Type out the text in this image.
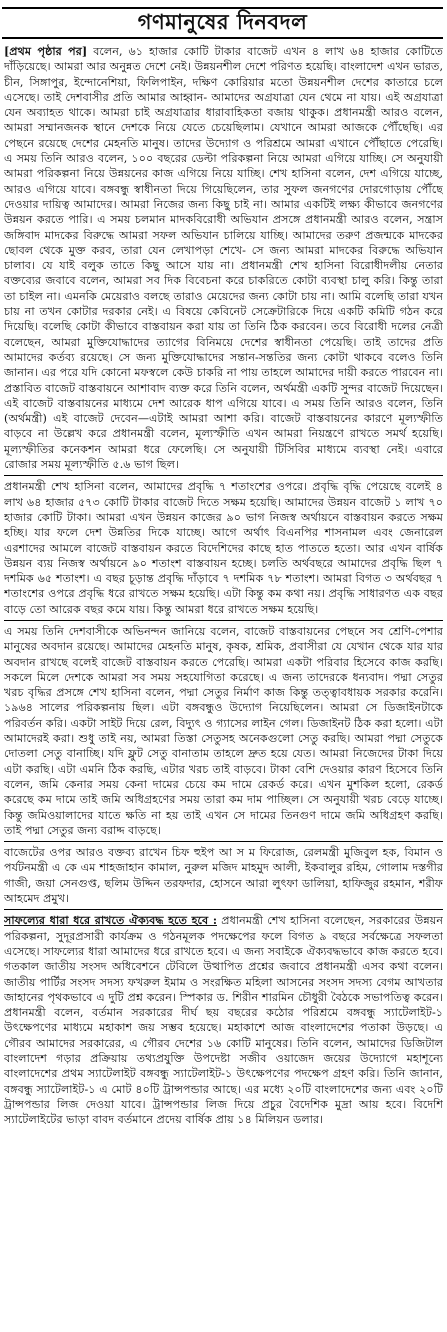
গণমানুষের দিনবদল

[প্রথম পৃষ্ঠার পর] বলেন, ৬১ হাজার কোটি টাকার বাজেট এখন ৪ লাখ ৬৪ হাজার কোটিতে দাঁড়িয়েছে। আমরা আর অনুন্নত দেশে নেই। উন্নয়নশীল দেশে পরিণত হয়েছি। বাংলাদেশ এখন ভারত, চীন, সিঙ্গাপুর, ইন্দোনেশিয়া, ফিলিপাইন, দক্ষিণ কোরিয়ার মতো উন্নয়নশীল দেশের কাতারে চলে এসেছে। তাই দেশবাসীর প্রতি আমার আহ্বান- আমাদের অগ্রযাত্রা যেন থেমে না যায়। এই অগ্রযাত্রা যেন অব্যাহত থাকে। আমরা চাই অগ্রযাত্রার ধারাবাহিকতা বজায় থাকুক। প্রধানমন্ত্রী আরও বলেন, আমরা সম্মানজনক স্থানে দেশকে নিয়ে যেতে চেয়েছিলাম। যেখানে আমরা আজকে পৌঁছেছি। এর পেছনে রয়েছে দেশের মেহনতি মানুষ। তাদের উদ্যোগ ও পরিশ্রমে আমরা এখানে পৌঁছাতে পেরেছি। এ সময় তিনি আরও বলেন, ১০০ বছরের ডেল্টা পরিকল্পনা নিয়ে আমরা এগিয়ে যাচ্ছি। সে অনুযায়ী আমরা পরিকল্পনা নিয়ে উন্নয়নের কাজ এগিয়ে নিয়ে যাচ্ছি। শেখ হাসিনা বলেন, দেশ এগিয়ে যাচ্ছে, আরও এগিয়ে যাবে। বঙ্গবন্ধু স্বাধীনতা দিয়ে গিয়েছিলেন, তার সুফল জনগণের দোরগোড়ায় পৌঁছে দেওয়ার দায়িত্ব আমাদের। আমরা নিজের জন্য কিছু চাই না। আমার একটিই লক্ষ্য কীভাবে জনগণের উন্নয়ন করতে পারি। এ সময় চলমান মাদকবিরোধী অভিযান প্রসঙ্গে প্রধানমন্ত্রী আরও বলেন, সন্ত্রাস জঙ্গিবাদ মাদকের বিরুদ্ধে আমরা সফল অভিযান চালিয়ে যাচ্ছি। আমাদের তরুণ প্রজন্মকে মাদকের ছোবল থেকে মুক্ত করব, তারা যেন লেখাপড়া শেখে- সে জন্য আমরা মাদকের বিরুদ্ধে অভিযান চালাব। যে যাই বলুক তাতে কিছু আসে যায় না। প্রধানমন্ত্রী শেখ হাসিনা বিরোধীদলীয় নেতার বক্তব্যের জবাবে বলেন, আমরা সব দিক বিবেচনা করে চাকরিতে কোটা ব্যবস্থা চালু করি। কিন্তু তারা তা চাইল না। এমনকি মেয়েরাও বলছে তারাও মেয়েদের জন্য কোটা চায় না। আমি বলেছি তারা যখন চায় না তখন কোটার দরকার নেই। এ বিষয়ে কেবিনেট সেক্রেটারিকে দিয়ে একটি কমিটি গঠন করে দিয়েছি। বলেছি কোটা কীভাবে বাস্তবায়ন করা যায় তা তিনি ঠিক করবেন। তবে বিরোধী দলের নেত্রী বলেছেন, আমরা মুক্তিযোদ্ধাদের ত্যাগের বিনিময়ে দেশের স্বাধীনতা পেয়েছি। তাই তাদের প্রতি আমাদের কর্তব্য রয়েছে। সে জন্য মুক্তিযোদ্ধাদের সন্তান-সন্ততির জন্য কোটা থাকবে বলেও তিনি জানান। এর পরে যদি কোনো মফস্বলে কেউ চাকরি না পায় তাহলে আমাদের দায়ী করতে পারবেন না। প্রস্তাবিত বাজেট বাস্তবায়নে আশাবাদ ব্যক্ত করে তিনি বলেন, অর্থমন্ত্রী একটি সুন্দর বাজেট দিয়েছেন। এই বাজেট বাস্তবায়নের মাধ্যমে দেশ আরেক ধাপ এগিয়ে যাবে। এ সময় তিনি আরও বলেন, তিনি (অর্থমন্ত্রী) এই বাজেট দেবেন—এটাই আমরা আশা করি। বাজেট বাস্তবায়নের কারণে মূল্যস্ফীতি বাড়বে না উল্লেখ করে প্রধানমন্ত্রী বলেন, মূল্যস্ফীতি এখন আমরা নিয়ন্ত্রণে রাখতে সমর্থ হয়েছি। মূল্যস্ফীতির কনেকশন আমরা ধরে ফেলেছি। সে অনুযায়ী টিসিবির মাধ্যমে ব্যবস্থা নেই। এবারে রোজার সময় মূল্যস্ফীতি ৫.৬ ভাগ ছিল।

প্রধানমন্ত্রী শেখ হাসিনা বলেন, আমাদের প্রবৃদ্ধি ৭ শতাংশের ওপরে। প্রবৃদ্ধি বৃদ্ধি পেয়েছে বলেই ৪ লাখ ৬৪ হাজার ৫৭৩ কোটি টাকার বাজেট দিতে সক্ষম হয়েছি। আমাদের উন্নয়ন বাজেট ১ লাখ ৭০ হাজার কোটি টাকা। আমরা এখন উন্নয়ন কাজের ৯০ ভাগ নিজস্ব অর্থায়নে বাস্তবায়ন করতে সক্ষম হচ্ছি। যার ফলে দেশ উন্নতির দিকে যাচ্ছে। আগে অর্থাৎ বিএনপির শাসনামল এবং জেনারেল এরশাদের আমলে বাজেট বাস্তবায়ন করতে বিদেশিদের কাছে হাত পাততে হতো। আর এখন বার্ষিক উন্নয়ন ব্যয় নিজস্ব অর্থায়নে ৯০ শতাংশ বাস্তবায়ন হচ্ছে। চলতি অর্থবছরে আমাদের প্রবৃদ্ধি ছিল ৭ দশমিক ৬৫ শতাংশ। এ বছর চূড়ান্ত প্রবৃদ্ধি দাঁড়াবে ৭ দশমিক ৭৮ শতাংশ। আমরা বিগত ৩ অর্থবছর ৭ শতাংশের ওপরে প্রবৃদ্ধি ধরে রাখতে সক্ষম হয়েছি। এটা কিন্তু কম কথা নয়। প্রবৃদ্ধি সাধারণত এক বছর বাড়ে তো আরেক বছর কমে যায়। কিন্তু আমরা ধরে রাখতে সক্ষম হয়েছি।

এ সময় তিনি দেশবাসীকে অভিনন্দন জানিয়ে বলেন, বাজেট বাস্তবায়নের পেছনে সব শ্রেণি-পেশার মানুষের অবদান রয়েছে। আমাদের মেহনতি মানুষ, কৃষক, শ্রমিক, প্রবাসীরা যে যেখান থেকে যার যার অবদান রাখছে বলেই বাজেট বাস্তবায়ন করতে পেরেছি। আমরা একটা পরিবার হিসেবে কাজ করছি। সকলে মিলে দেশকে আমরা সব সময় সহযোগিতা করেছে। এ জন্য তাদেরকে ধন্যবাদ। পদ্মা সেতুর খরচ বৃদ্ধির প্রসঙ্গে শেখ হাসিনা বলেন, পদ্মা সেতুর নির্মাণ কাজ কিন্তু তত্ত্বাবধায়ক সরকার করেনি। ১৯৬৪ সালের পরিকল্পনায় ছিল। এটা বঙ্গবন্ধুও উদ্যোগ নিয়েছিলেন। আমরা সে ডিজাইনটাকে পরিবর্তন করি। একটা সাইট দিয়ে রেল, বিদ্যুৎ ও গ্যাসের লাইন গেল। ডিজাইনট ঠিক করা হলো। এটা আমাদেরই করা। শুধু তাই নয়, আমরা তিস্তা সেতুসহ অনেকগুলো সেতু করছি। আমরা পদ্মা সেতুকে দোতলা সেতু বানাচ্ছি। যদি ফ্লুট সেতু বানাতাম তাহলে দ্রুত হয়ে যেত। আমরা নিজেদের টাকা দিয়ে এটা করছি। এটা এমনি ঠিক করছি, এটার খরচ তাই বাড়বে। টাকা বেশি দেওয়ার কারণ হিসেবে তিনি বলেন, জমি কেনার সময় কেনা দামের চেয়ে কম দামে রেকর্ড করে। এখন মুশকিল হলো, রেকর্ড করেছে কম দামে তাই জমি অধিগ্রহণের সময় তারা কম দাম পাচ্ছিল। সে অনুযায়ী খরচ বেড়ে যাচ্ছে। কিন্তু জমিওয়ালাদের যাতে ক্ষতি না হয় তাই এখন সে দামের তিনগুণ দামে জমি অধিগ্রহণ করছি। তাই পদ্মা সেতুর জন্য বরাদ্দ বাড়ছে।

বাজেটের ওপর আরও বক্তব্য রাখেন চিফ হুইপ আ স ম ফিরোজ, রেলমন্ত্রী মুজিবুল হক, বিমান ও পর্যটনমন্ত্রী এ কে এম শাহজাহান কামাল, নুরুল মজিদ মাহমুদ আলী, ইকবালুর রহিম, গোলাম দস্তগীর গাজী, জয়া সেনগুপ্ত, ছলিম উদ্দিন তরফদার, হোসনে আরা লুৎফা ডালিয়া, হাফিজুর রহমান, শরীফ আহমেদ প্রমুখ।

সাফল্যের ধারা ধরে রাখতে ঐক্যবদ্ধ হতে হবে : প্রধানমন্ত্রী শেখ হাসিনা বলেছেন, সরকারের উন্নয়ন পরিকল্পনা, সুদূরপ্রসারী কার্যক্রম ও গঠনমূলক পদক্ষেপের ফলে বিগত ৯ বছরে সর্বক্ষেত্রে সফলতা এসেছে। সাফল্যের ধারা আমাদের ধরে রাখতে হবে। এ জন্য সবাইকে ঐক্যবদ্ধভাবে কাজ করতে হবে। গতকাল জাতীয় সংসদ অধিবেশনে টেবিলে উত্থাপিত প্রশ্নের জবাবে প্রধানমন্ত্রী এসব কথা বলেন। জাতীয় পার্টির সংসদ সদস্য ফখরুল ইমাম ও সংরক্ষিত মহিলা আসনের সংসদ সদস্য বেগম আখতার জাহানের পৃথকভাবে এ দুটি প্রশ্ন করেন। স্পিকার ড. শিরীন শারমিন চৌধুরী বৈঠকে সভাপতিত্ব করেন। প্রধানমন্ত্রী বলেন, বর্তমান সরকারের দীর্ঘ ছয় বছরের কঠোর পরিশ্রমে বঙ্গবন্ধু স্যাটেলাইট-১ উৎক্ষেপণের মাধ্যমে মহাকাশ জয় সম্ভব হয়েছে। মহাকাশে আজ বাংলাদেশের পতাকা উড়ছে। এ গৌরব আমাদের সরকারের, এ গৌরব দেশের ১৬ কোটি মানুষের। তিনি বলেন, আমাদের ডিজিটাল বাংলাদেশ গড়ার প্রক্রিয়ায় তথ্যপ্রযুক্তি উপদেষ্টা সজীব ওয়াজেদ জয়ের উদ্যোগে মহাশূন্যে বাংলাদেশের প্রথম স্যাটেলাইট বঙ্গবন্ধু স্যাটেলাইট-১ উৎক্ষেপণের পদক্ষেপ গ্রহণ করি। তিনি জানান, বঙ্গবন্ধু স্যাটেলাইট-১ এ মোট ৪০টি ট্রান্সপন্ডার আছে। এর মধ্যে ২০টি বাংলাদেশের জন্য এবং ২০টি ট্রান্সপন্ডার লিজ দেওয়া যাবে। ট্রান্সপন্ডার লিজ দিয়ে প্রচুর বৈদেশিক মুদ্রা আয় হবে। বিদেশি স্যাটেলাইটের ভাড়া বাবদ বর্তমানে প্রদেয় বার্ষিক প্রায় ১৪ মিলিয়ন ডলার।
